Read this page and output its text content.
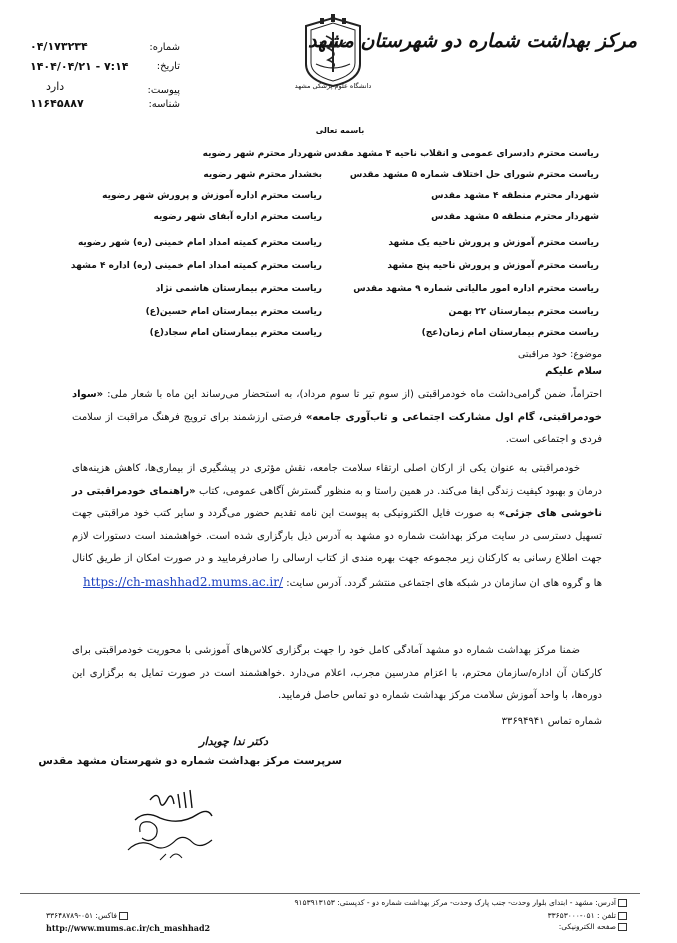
مرکز بهداشت شماره دو شهرستان مشهد
دانشگاه علوم پزشکی مشهد
شماره:
۰۴/۱۷۳۲۳۴
تاریخ:
۱۴۰۴/۰۴/۲۱ - ۷:۱۴
پیوست:
دارد
شناسه:
۱۱۶۴۵۸۸۷
باسمه تعالی
ریاست محترم دادسرای عمومی و انقلاب ناحیه ۴ مشهد مقدس
ریاست محترم شورای حل اختلاف شماره ۵ مشهد مقدس
شهردار محترم منطقه ۴ مشهد مقدس
شهردار محترم منطقه ۵ مشهد مقدس
ریاست محترم آموزش و پرورش ناحیه یک مشهد
ریاست محترم آموزش و پرورش ناحیه پنج مشهد
ریاست محترم اداره امور مالیاتی شماره ۹ مشهد مقدس
ریاست محترم بیمارستان ۲۲ بهمن
ریاست محترم بیمارستان امام زمان(عج)
شهردار محترم شهر رضویه
بخشدار محترم شهر رضویه
ریاست محترم اداره آموزش و پرورش شهر رضویه
ریاست محترم اداره آبفای شهر رضویه
ریاست محترم کمیته امداد امام خمینی (ره) شهر رضویه
ریاست محترم کمیته امداد امام خمینی (ره) اداره ۴ مشهد
ریاست محترم بیمارستان هاشمی نژاد
ریاست محترم بیمارستان امام حسین(ع)
ریاست محترم بیمارستان امام سجاد(ع)
موضوع: خود مراقبتی
سلام علیکم
احتراماً، ضمن گرامی‌داشت ماه خودمراقبتی (از سوم تیر تا سوم مرداد)، به استحضار می‌رساند این ماه با شعار ملی: «سواد خودمراقبتی، گام اول مشارکت اجتماعی و تاب‌آوری جامعه» فرصتی ارزشمند برای ترویج فرهنگ مراقبت از سلامت فردی و اجتماعی است.
خودمراقبتی به عنوان یکی از ارکان اصلی ارتقاء سلامت جامعه، نقش مؤثری در پیشگیری از بیماری‌ها، کاهش هزینه‌های درمان و بهبود کیفیت زندگی ایفا می‌کند. در همین راستا و به منظور گسترش آگاهی عمومی، کتاب «راهنمای خودمراقبتی در ناخوشی های جزئی» به صورت فایل الکترونیکی به پیوست این نامه تقدیم حضور می‌گردد و سایر کتب خود مراقبتی جهت تسهیل دسترسی در سایت مرکز بهداشت شماره دو مشهد به آدرس ذیل بارگزاری شده است. خواهشمند است دستورات لازم جهت اطلاع رسانی به کارکنان زیر مجموعه جهت بهره مندی از کتاب ارسالی را صادرفرمایید و در صورت امکان از طریق کانال ها و گروه های ان سازمان در شبکه های اجتماعی منتشر گردد. آدرس سایت: https://ch-mashhad2.mums.ac.ir/
ضمنا مرکز بهداشت شماره دو مشهد آمادگی کامل خود را جهت برگزاری کلاس‌های آموزشی با محوریت خودمراقبتی برای کارکنان آن اداره/سازمان محترم، با اعزام مدرسین مجرب، اعلام می‌دارد .خواهشمند است در صورت تمایل به برگزاری این دوره‌ها، با واحد آموزش سلامت مرکز بهداشت شماره دو تماس حاصل فرمایید.
شماره تماس ۳۳۶۹۴۹۴۱
دکتر ندا چوبدار
سرپرست مرکز بهداشت شماره دو شهرستان مشهد مقدس
آدرس: مشهد - ابتدای بلوار وحدت- جنب پارک وحدت- مرکز بهداشت شماره دو - کدپستی: ۹۱۵۳۹۱۳۱۵۳
تلفن : ۰۵۱-۳۳۶۵۳۰۰۰
صفحه الکترونیکی:
فاکس: ۰۵۱-۳۳۶۴۸۷۸۹
http://www.mums.ac.ir/ch_mashhad2
